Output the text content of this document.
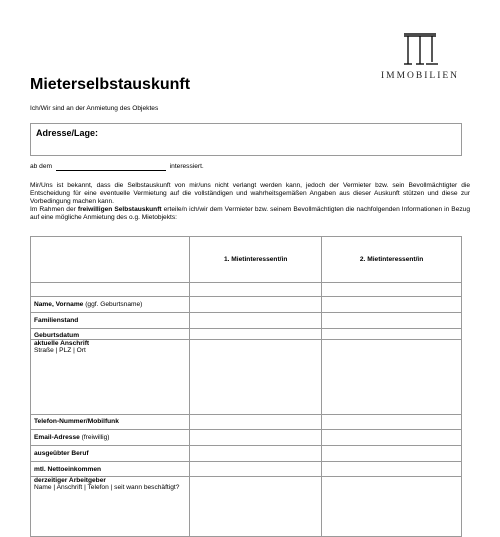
IMMOBILIEN
Mieterselbstauskunft
Ich/Wir sind an der Anmietung des Objektes
Adresse/Lage:
ab dem	interessiert.
Mir/Uns ist bekannt, dass die Selbstauskunft von mir/uns nicht verlangt werden kann, jedoch der Vermieter bzw. sein Bevollmächtigter die Entscheidung für eine eventuelle Vermietung auf die vollständigen und wahrheitsgemäßen Angaben aus dieser Auskunft stützen und diese zur Vorbedingung machen kann.
Im Rahmen der freiwilligen Selbstauskunft erteile/n ich/wir dem Vermieter bzw. seinem Bevollmächtigten die nachfolgenden Informationen in Bezug auf eine mögliche Anmietung des o.g. Mietobjekts:
	1. Mietinteressent/in	2. Mietinteressent/in

Name, Vorname (ggf. Geburtsname)		
Familienstand		
Geburtsdatum		
aktuelle Anschrift
Straße | PLZ | Ort		

Telefon-Nummer/Mobilfunk		
Email-Adresse (freiwillig)		
ausgeübter Beruf		
mtl. Nettoeinkommen		
derzeitiger Arbeitgeber
Name | Anschrift | Telefon | seit wann beschäftigt?		
